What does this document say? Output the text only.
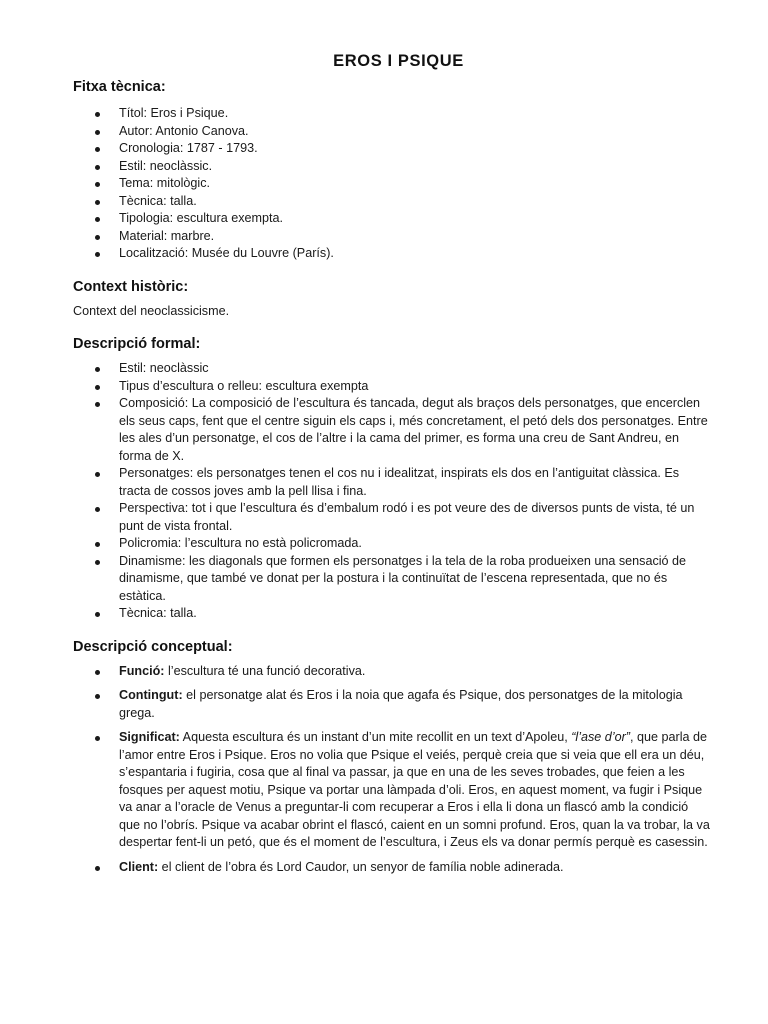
EROS I PSIQUE
Fitxa tècnica:
Títol: Eros i Psique.
Autor: Antonio Canova.
Cronologia: 1787 - 1793.
Estil: neoclàssic.
Tema: mitològic.
Tècnica: talla.
Tipologia: escultura exempta.
Material: marbre.
Localització: Musée du Louvre (París).
Context històric:

Context del neoclassicisme.

Descripció formal:
Estil: neoclàssic
Tipus d’escultura o relleu: escultura exempta
Composició: La composició de l’escultura és tancada, degut als braços dels personatges, que encerclen els seus caps, fent que el centre siguin els caps i, més concretament, el petó dels dos personatges. Entre les ales d’un personatge, el cos de l’altre i la cama del primer, es forma una creu de Sant Andreu, en forma de X.
Personatges: els personatges tenen el cos nu i idealitzat, inspirats els dos en l’antiguitat clàssica. Es tracta de cossos joves amb la pell llisa i fina.
Perspectiva: tot i que l’escultura és d’embalum rodó i es pot veure des de diversos punts de vista, té un punt de vista frontal.
Policromia: l’escultura no està policromada.
Dinamisme: les diagonals que formen els personatges i la tela de la roba produeixen una sensació de dinamisme, que també ve donat per la postura i la continuïtat de l’escena representada, que no és estàtica.
Tècnica: talla.
Descripció conceptual:
Funció: l’escultura té una funció decorativa.
Contingut: el personatge alat és Eros i la noia que agafa és Psique, dos personatges de la mitologia grega.
Significat: Aquesta escultura és un instant d’un mite recollit en un text d’Apoleu, “l’ase d’or”, que parla de l’amor entre Eros i Psique. Eros no volia que Psique el veiés, perquè creia que si veia que ell era un déu, s’espantaria i fugiria, cosa que al final va passar, ja que en una de les seves trobades, que feien a les fosques per aquest motiu, Psique va portar una làmpada d’oli. Eros, en aquest moment, va fugir i Psique va anar a l’oracle de Venus a preguntar-li com recuperar a Eros i ella li dona un flascó amb la condició que no l’obrís. Psique va acabar obrint el flascó, caient en un somni profund. Eros, quan la va trobar, la va despertar fent-li un petó, que és el moment de l’escultura, i Zeus els va donar permís perquè es casessin.
Client: el client de l’obra és Lord Caudor, un senyor de família noble adinerada.
